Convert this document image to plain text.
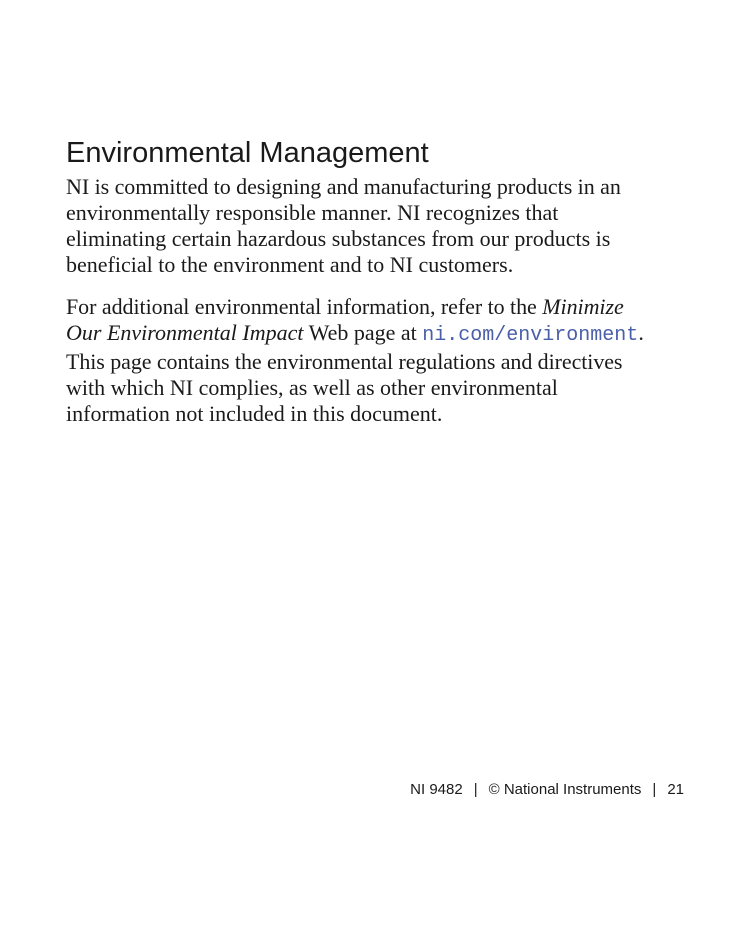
Environmental Management

NI is committed to designing and manufacturing products in an
environmentally responsible manner. NI recognizes that
eliminating certain hazardous substances from our products is
beneficial to the environment and to NI customers.

For additional environmental information, refer to the Minimize
Our Environmental Impact Web page at ni.com/environment.
This page contains the environmental regulations and directives
with which NI complies, as well as other environmental
information not included in this document.

NI 9482 | © National Instruments | 21
